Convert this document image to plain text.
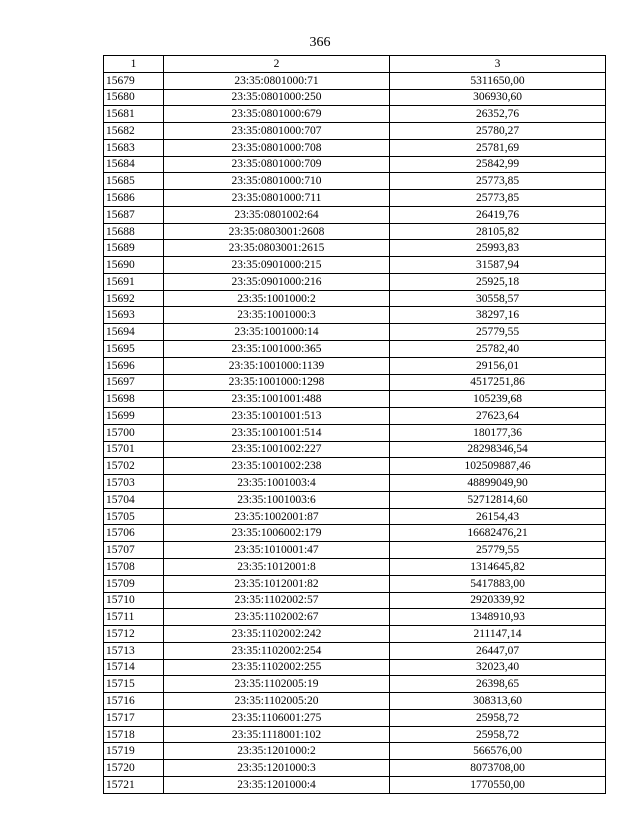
366
1	2	3
15679	23:35:0801000:71	5311650,00
15680	23:35:0801000:250	306930,60
15681	23:35:0801000:679	26352,76
15682	23:35:0801000:707	25780,27
15683	23:35:0801000:708	25781,69
15684	23:35:0801000:709	25842,99
15685	23:35:0801000:710	25773,85
15686	23:35:0801000:711	25773,85
15687	23:35:0801002:64	26419,76
15688	23:35:0803001:2608	28105,82
15689	23:35:0803001:2615	25993,83
15690	23:35:0901000:215	31587,94
15691	23:35:0901000:216	25925,18
15692	23:35:1001000:2	30558,57
15693	23:35:1001000:3	38297,16
15694	23:35:1001000:14	25779,55
15695	23:35:1001000:365	25782,40
15696	23:35:1001000:1139	29156,01
15697	23:35:1001000:1298	4517251,86
15698	23:35:1001001:488	105239,68
15699	23:35:1001001:513	27623,64
15700	23:35:1001001:514	180177,36
15701	23:35:1001002:227	28298346,54
15702	23:35:1001002:238	102509887,46
15703	23:35:1001003:4	48899049,90
15704	23:35:1001003:6	52712814,60
15705	23:35:1002001:87	26154,43
15706	23:35:1006002:179	16682476,21
15707	23:35:1010001:47	25779,55
15708	23:35:1012001:8	1314645,82
15709	23:35:1012001:82	5417883,00
15710	23:35:1102002:57	2920339,92
15711	23:35:1102002:67	1348910,93
15712	23:35:1102002:242	211147,14
15713	23:35:1102002:254	26447,07
15714	23:35:1102002:255	32023,40
15715	23:35:1102005:19	26398,65
15716	23:35:1102005:20	308313,60
15717	23:35:1106001:275	25958,72
15718	23:35:1118001:102	25958,72
15719	23:35:1201000:2	566576,00
15720	23:35:1201000:3	8073708,00
15721	23:35:1201000:4	1770550,00
